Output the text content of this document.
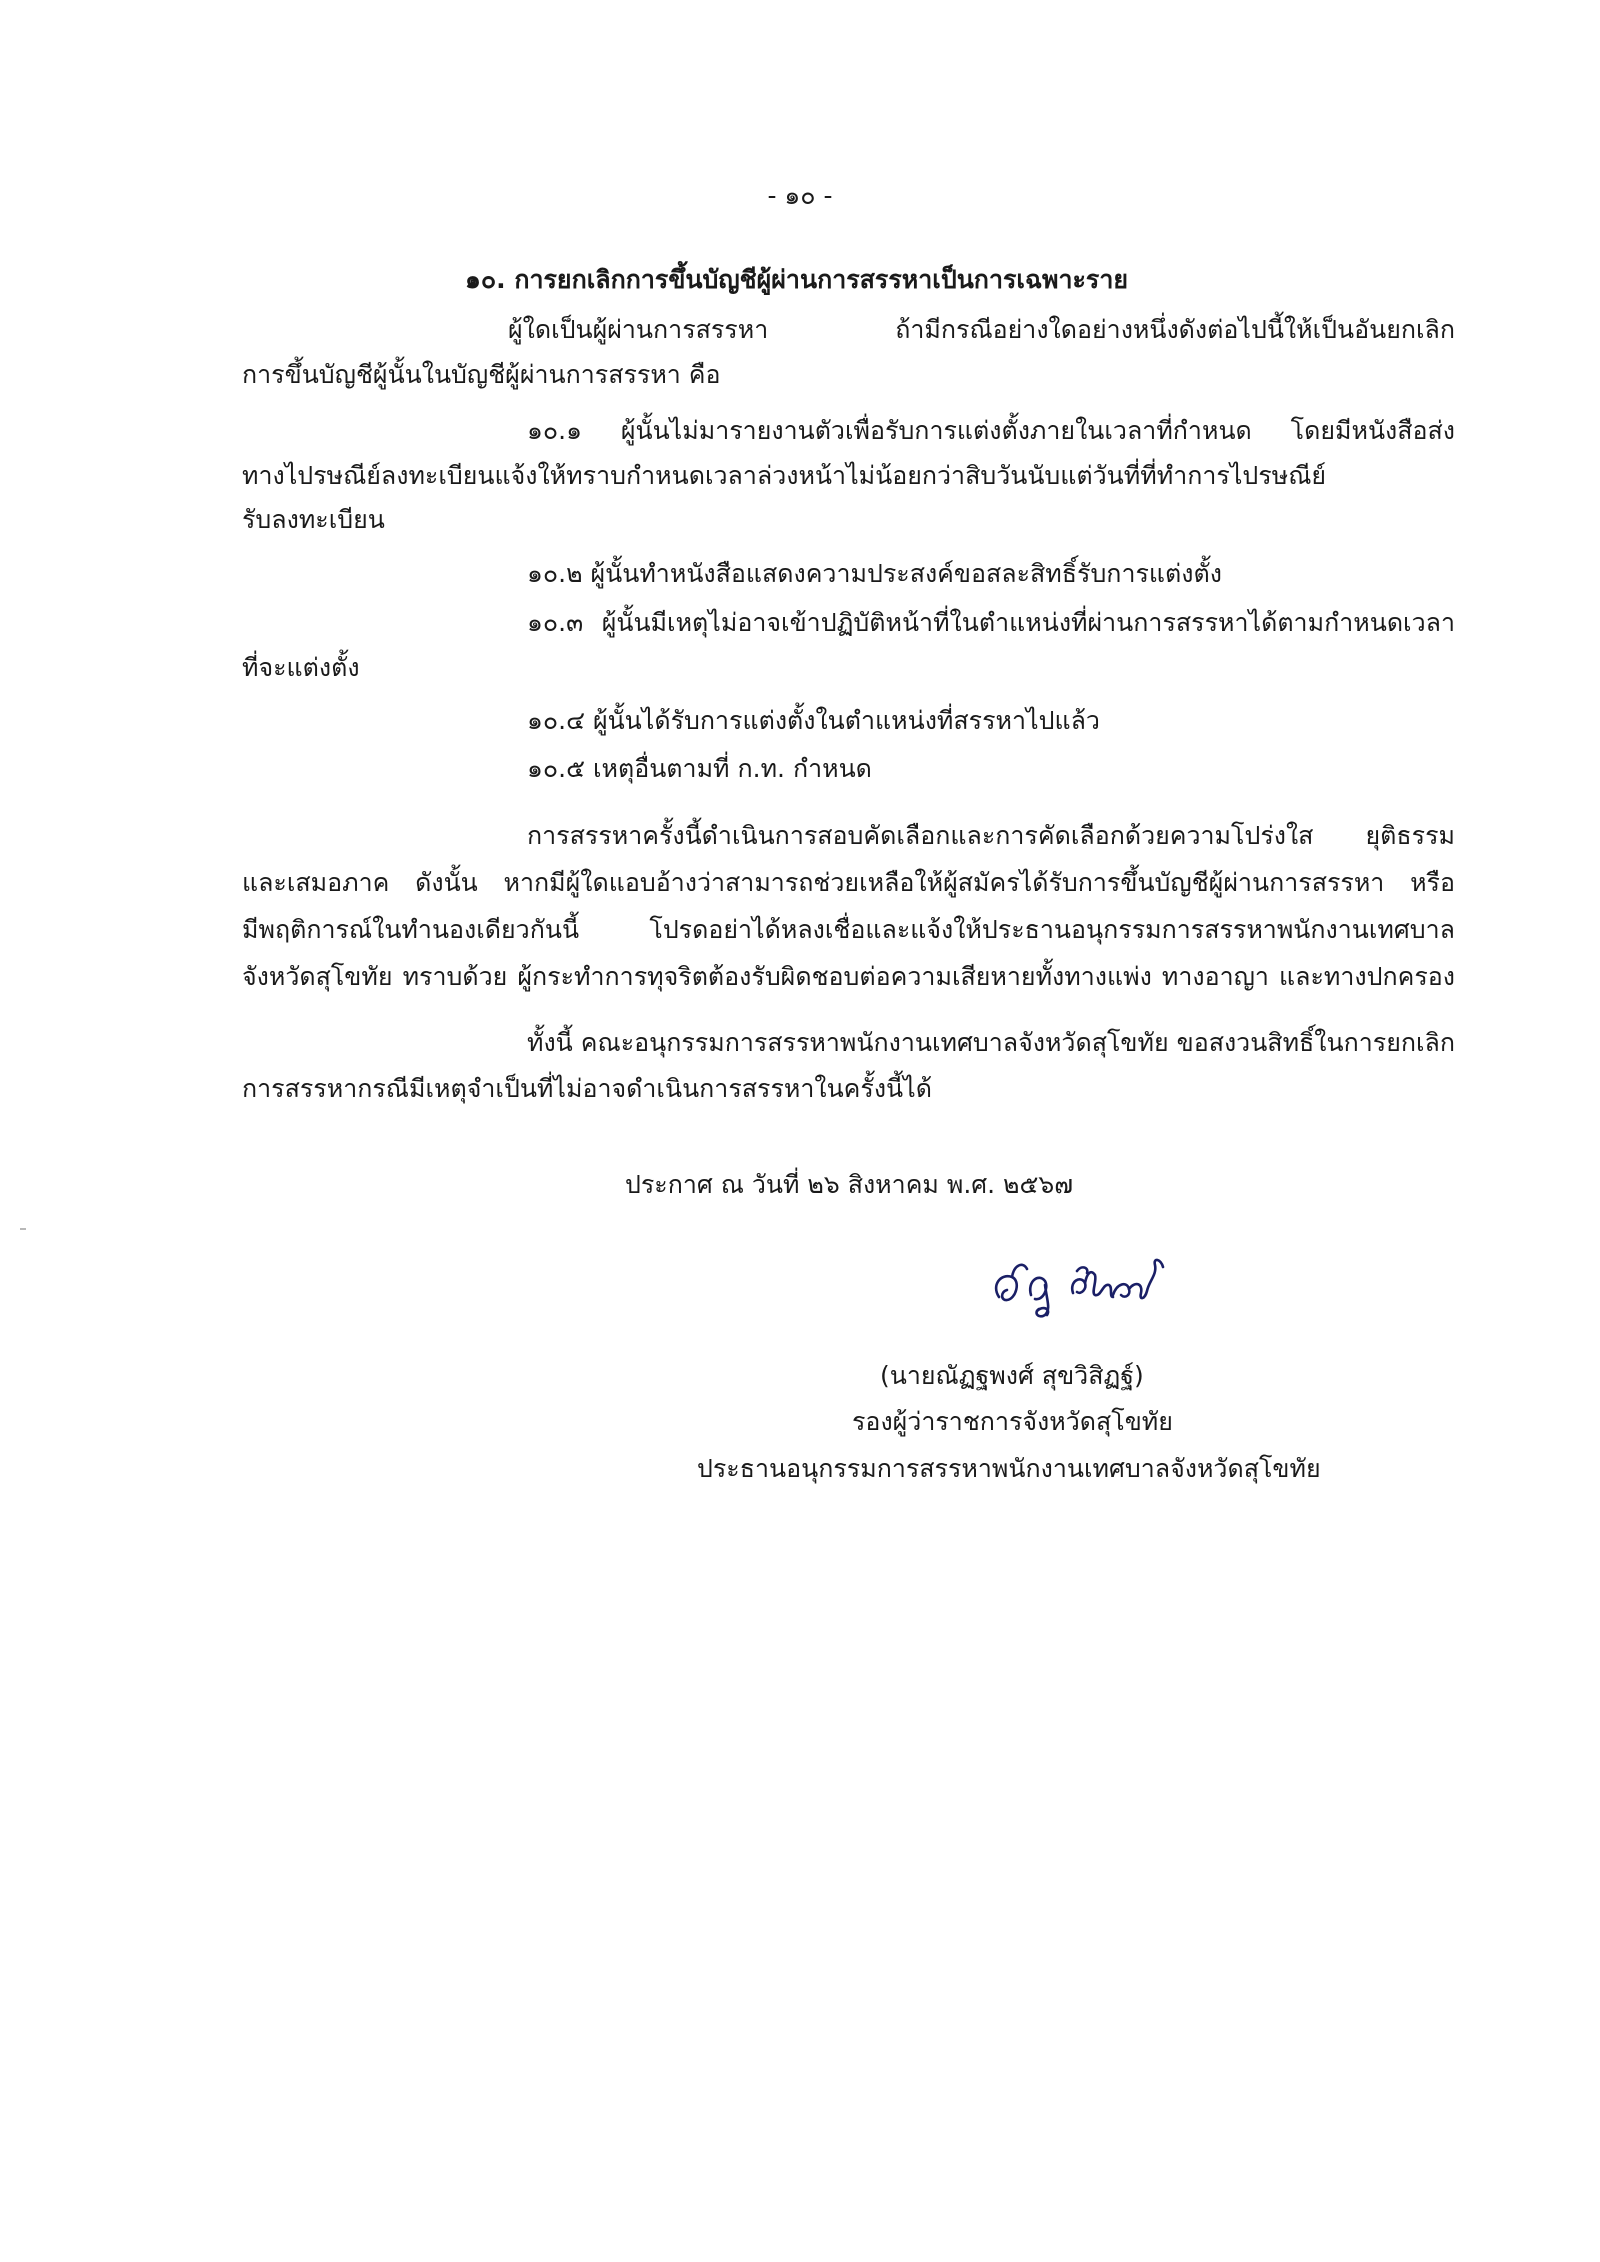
- ๑๐ -
๑๐. การยกเลิกการขึ้นบัญชีผู้ผ่านการสรรหาเป็นการเฉพาะราย
ผู้ใดเป็นผู้ผ่านการสรรหา ถ้ามีกรณีอย่างใดอย่างหนึ่งดังต่อไปนี้ให้เป็นอันยกเลิก
การขึ้นบัญชีผู้นั้นในบัญชีผู้ผ่านการสรรหา คือ
๑๐.๑ ผู้นั้นไม่มารายงานตัวเพื่อรับการแต่งตั้งภายในเวลาที่กำหนด โดยมีหนังสือส่ง
ทางไปรษณีย์ลงทะเบียนแจ้งให้ทราบกำหนดเวลาล่วงหน้าไม่น้อยกว่าสิบวันนับแต่วันที่ที่ทำการไปรษณีย์
รับลงทะเบียน
๑๐.๒ ผู้นั้นทำหนังสือแสดงความประสงค์ขอสละสิทธิ์รับการแต่งตั้ง
๑๐.๓ ผู้นั้นมีเหตุไม่อาจเข้าปฏิบัติหน้าที่ในตำแหน่งที่ผ่านการสรรหาได้ตามกำหนดเวลา
ที่จะแต่งตั้ง
๑๐.๔ ผู้นั้นได้รับการแต่งตั้งในตำแหน่งที่สรรหาไปแล้ว
๑๐.๕ เหตุอื่นตามที่ ก.ท. กำหนด
การสรรหาครั้งนี้ดำเนินการสอบคัดเลือกและการคัดเลือกด้วยความโปร่งใส ยุติธรรม
และเสมอภาค ดังนั้น หากมีผู้ใดแอบอ้างว่าสามารถช่วยเหลือให้ผู้สมัครได้รับการขึ้นบัญชีผู้ผ่านการสรรหา หรือ
มีพฤติการณ์ในทำนองเดียวกันนี้ โปรดอย่าได้หลงเชื่อและแจ้งให้ประธานอนุกรรมการสรรหาพนักงานเทศบาล
จังหวัดสุโขทัย ทราบด้วย ผู้กระทำการทุจริตต้องรับผิดชอบต่อความเสียหายทั้งทางแพ่ง ทางอาญา และทางปกครอง
ทั้งนี้ คณะอนุกรรมการสรรหาพนักงานเทศบาลจังหวัดสุโขทัย ขอสงวนสิทธิ์ในการยกเลิก
การสรรหากรณีมีเหตุจำเป็นที่ไม่อาจดำเนินการสรรหาในครั้งนี้ได้
ประกาศ ณ วันที่ ๒๖ สิงหาคม พ.ศ. ๒๕๖๗
(นายณัฏฐพงศ์ สุขวิสิฏฐ์)
รองผู้ว่าราชการจังหวัดสุโขทัย
ประธานอนุกรรมการสรรหาพนักงานเทศบาลจังหวัดสุโขทัย
